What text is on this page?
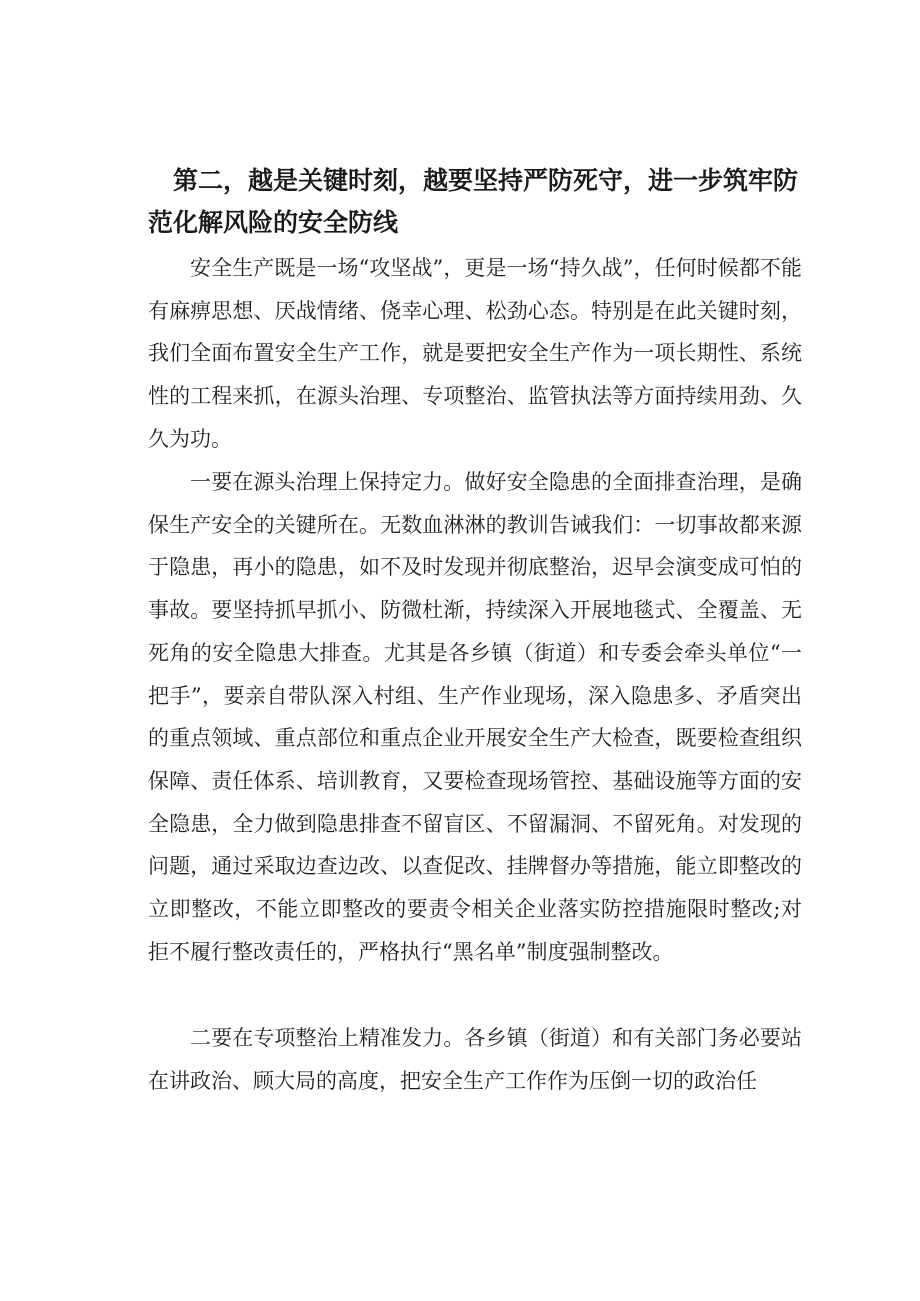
第二，越是关键时刻，越要坚持严防死守，进一步筑牢防范化解风险的安全防线

安全生产既是一场“攻坚战”，更是一场“持久战”，任何时候都不能有麻痹思想、厌战情绪、侥幸心理、松劲心态。特别是在此关键时刻，我们全面布置安全生产工作，就是要把安全生产作为一项长期性、系统性的工程来抓，在源头治理、专项整治、监管执法等方面持续用劲、久久为功。

一要在源头治理上保持定力。做好安全隐患的全面排查治理，是确保生产安全的关键所在。无数血淋淋的教训告诫我们：一切事故都来源于隐患，再小的隐患，如不及时发现并彻底整治，迟早会演变成可怕的事故。要坚持抓早抓小、防微杜渐，持续深入开展地毯式、全覆盖、无死角的安全隐患大排查。尤其是各乡镇（街道）和专委会牵头单位“一把手”，要亲自带队深入村组、生产作业现场，深入隐患多、矛盾突出的重点领域、重点部位和重点企业开展安全生产大检查，既要检查组织保障、责任体系、培训教育，又要检查现场管控、基础设施等方面的安全隐患，全力做到隐患排查不留盲区、不留漏洞、不留死角。对发现的问题，通过采取边查边改、以查促改、挂牌督办等措施，能立即整改的立即整改，不能立即整改的要责令相关企业落实防控措施限时整改;对拒不履行整改责任的，严格执行“黑名单”制度强制整改。

二要在专项整治上精准发力。各乡镇（街道）和有关部门务必要站在讲政治、顾大局的高度，把安全生产工作作为压倒一切的政治任
